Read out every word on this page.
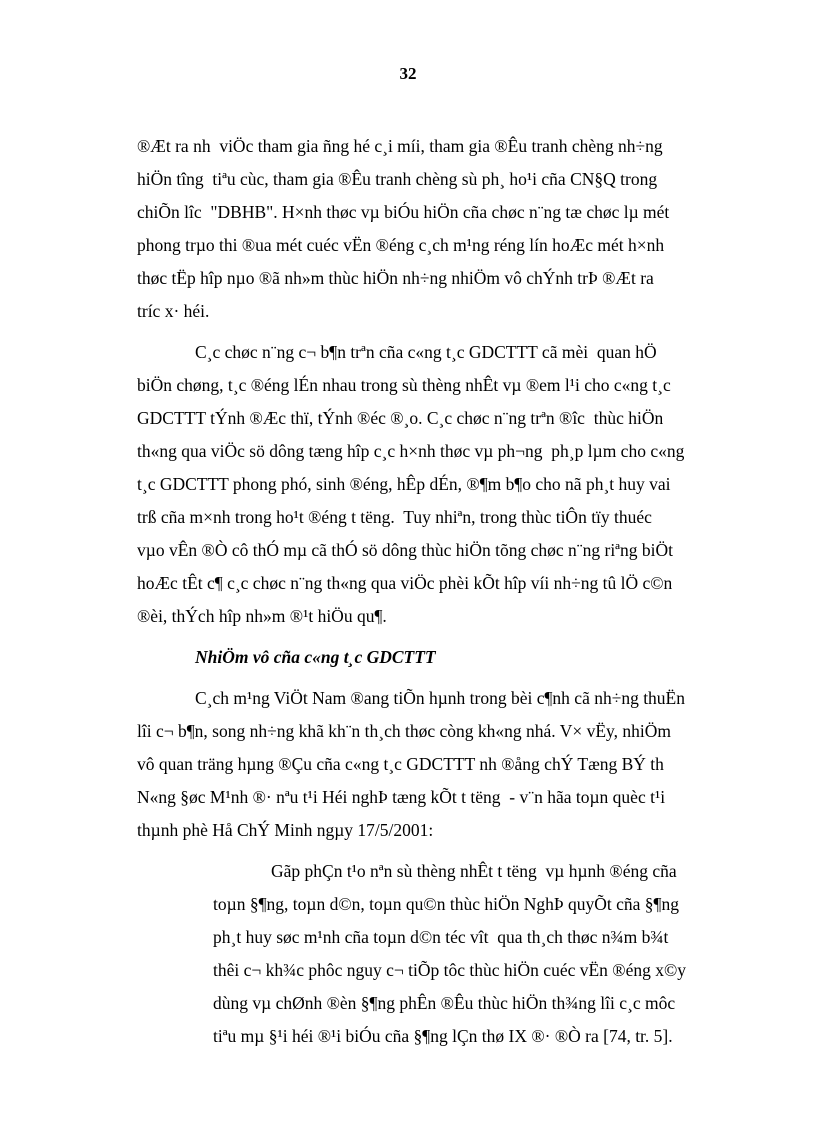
32
®Æt ra nh  viÖc tham gia ñng hé c¸i míi, tham gia ®Êu tranh chèng nh÷ng
hiÖn tîng  tiªu cùc, tham gia ®Êu tranh chèng sù ph¸ ho¹i cña CN§Q trong
chiÕn lîc  "DBHB". H×nh thøc vµ biÓu hiÖn cña chøc n¨ng tæ chøc lµ mét
phong trµo thi ®ua mét cuéc vËn ®éng c¸ch m¹ng réng lín hoÆc mét h×nh
thøc tËp hîp nµo ®ã nh»m thùc hiÖn nh÷ng nhiÖm vô chÝnh trÞ ®Æt ra
tríc x· héi.
C¸c chøc n¨ng c¬ b¶n trªn cña c«ng t¸c GDCTTT cã mèi  quan hÖ
biÖn chøng, t¸c ®éng lÉn nhau trong sù thèng nhÊt vµ ®em l¹i cho c«ng t¸c
GDCTTT tÝnh ®Æc thï, tÝnh ®éc ®¸o. C¸c chøc n¨ng trªn ®îc  thùc hiÖn
th«ng qua viÖc sö dông tæng hîp c¸c h×nh thøc vµ ph¬ng  ph¸p lµm cho c«ng
t¸c GDCTTT phong phó, sinh ®éng, hÊp dÉn, ®¶m b¶o cho nã ph¸t huy vai
trß cña m×nh trong ho¹t ®éng t tëng.  Tuy nhiªn, trong thùc tiÔn tïy thuéc
vµo vÊn ®Ò cô thÓ mµ cã thÓ sö dông thùc hiÖn tõng chøc n¨ng riªng biÖt
hoÆc tÊt c¶ c¸c chøc n¨ng th«ng qua viÖc phèi kÕt hîp víi nh÷ng tû lÖ c©n
®èi, thÝch hîp nh»m ®¹t hiÖu qu¶.
NhiÖm vô cña c«ng t¸c GDCTTT
C¸ch m¹ng ViÖt Nam ®ang tiÕn hµnh trong bèi c¶nh cã nh÷ng thuËn
lîi c¬ b¶n, song nh÷ng khã kh¨n th¸ch thøc còng kh«ng nhá. V× vËy, nhiÖm
vô quan träng hµng ®Çu cña c«ng t¸c GDCTTT nh ®ång chÝ Tæng BÝ th
N«ng §øc M¹nh ®· nªu t¹i Héi nghÞ tæng kÕt t tëng  - v¨n hãa toµn quèc t¹i
thµnh phè Hå ChÝ Minh ngµy 17/5/2001:
Gãp phÇn t¹o nªn sù thèng nhÊt t tëng  vµ hµnh ®éng cña
toµn §¶ng, toµn d©n, toµn qu©n thùc hiÖn NghÞ quyÕt cña §¶ng
ph¸t huy søc m¹nh cña toµn d©n téc vît  qua th¸ch thøc n¾m b¾t
thêi c¬ kh¾c phôc nguy c¬ tiÕp tôc thùc hiÖn cuéc vËn ®éng x©y
dùng vµ chØnh ®èn §¶ng phÊn ®Êu thùc hiÖn th¾ng lîi c¸c môc
tiªu mµ §¹i héi ®¹i biÓu cña §¶ng lÇn thø IX ®· ®Ò ra [74, tr. 5].
